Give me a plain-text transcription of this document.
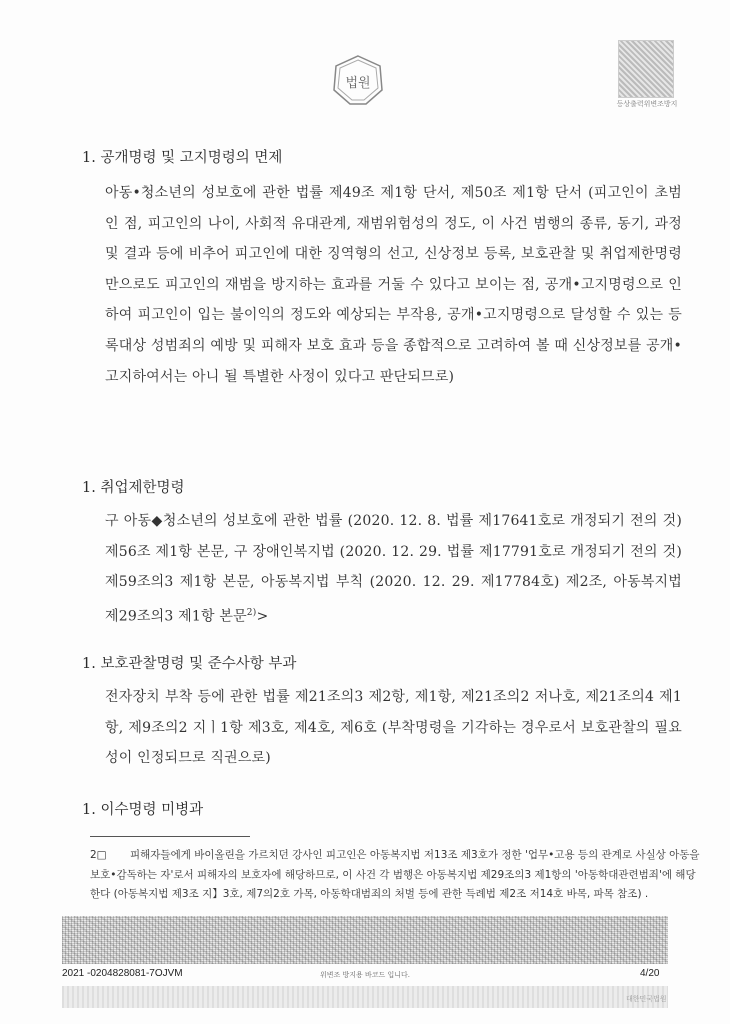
법원
등상출력위변조방지
1. 공개명령 및 고지명령의 면제
아동•청소년의 성보호에 관한 법률 제49조 제1항 단서, 제50조 제1항 단서 (피고인이 초범인 점, 피고인의 나이, 사회적 유대관계, 재범위험성의 정도, 이 사건 범행의 종류, 동기, 과정 및 결과 등에 비추어 피고인에 대한 징역형의 선고, 신상정보 등록, 보호관찰 및 취업제한명령만으로도 피고인의 재범을 방지하는 효과를 거둘 수 있다고 보이는 점, 공개•고지명령으로 인하여 피고인이 입는 불이익의 정도와 예상되는 부작용, 공개•고지명령으로 달성할 수 있는 등록대상 성범죄의 예방 및 피해자 보호 효과 등을 종합적으로 고려하여 볼 때 신상정보를 공개•고지하여서는 아니 될 특별한 사정이 있다고 판단되므로)
1. 취업제한명령
구 아동◆청소년의 성보호에 관한 법률 (2020. 12. 8. 법률 제17641호로 개정되기 전의 것) 제56조 제1항 본문, 구 장애인복지법 (2020. 12. 29. 법률 제17791호로 개정되기 전의 것) 제59조의3 제1항 본문, 아동복지법 부칙 (2020. 12. 29. 제17784호) 제2조, 아동복지법 제29조의3 제1항 본문$^{2)}$>
1. 보호관찰명령 및 준수사항 부과
전자장치 부착 등에 관한 법률 제21조의3 제2항, 제1항, 제21조의2 저나호, 제21조의4 제1항, 제9조의2 지ㅣ1항 제3호, 제4호, 제6호 (부착명령을 기각하는 경우로서 보호관찰의 필요성이 인정되므로 직권으로)
1. 이수명령 미병과
2□ 피해자들에게 바이올린을 가르치던 강사인 피고인은 아동복지법 저13조 제3호가 정한 '업무•고용 등의 관계로 사실상 아동을 보호•감독하는 자'로서 피해자의 보호자에 해당하므로, 이 사건 각 범행은 아동복지법 제29조의3 제1항의 '아동학대관련범죄'에 해당한다 (아동복지법 제3조 지】3호, 제7의2호 가목, 아동학대범죄의 처벌 등에 관한 득례법 제2조 저14호 바목, 파목 참조) .
2021 -0204828081-7OJVM	위변조 방지용 바코드 입니다.	4/20
대한민국법원
